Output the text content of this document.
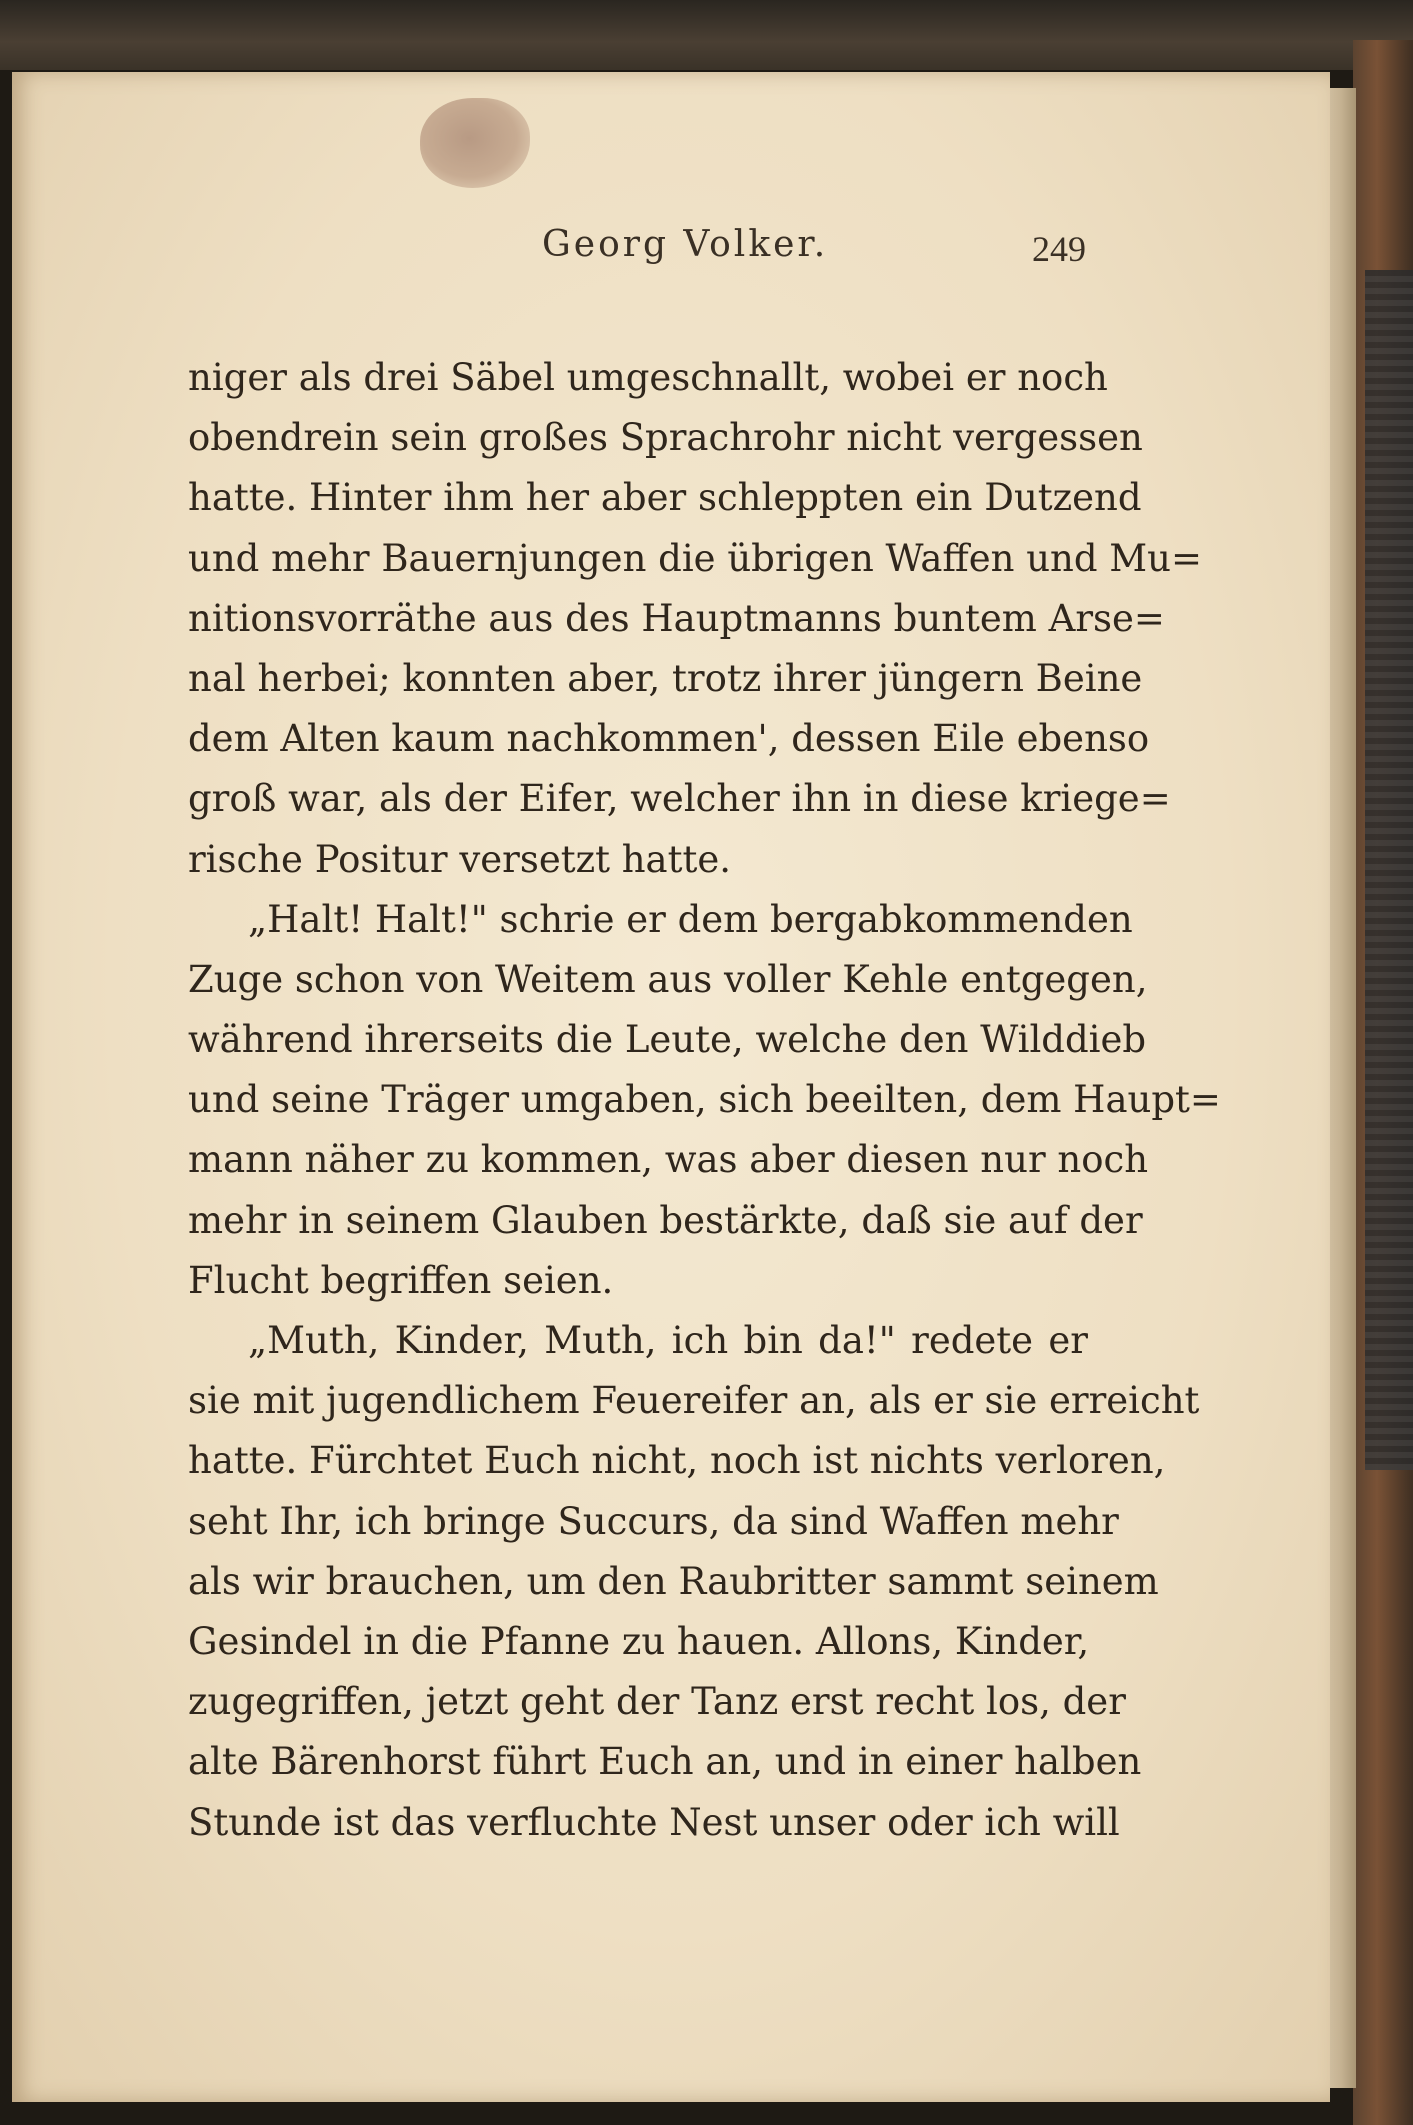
Georg Volker.	249
niger als drei Säbel umgeschnallt, wobei er noch
obendrein sein großes Sprachrohr nicht vergessen
hatte. Hinter ihm her aber schleppten ein Dutzend
und mehr Bauernjungen die übrigen Waffen und Mu=
nitionsvorräthe aus des Hauptmanns buntem Arse=
nal herbei; konnten aber, trotz ihrer jüngern Beine
dem Alten kaum nachkommen', dessen Eile ebenso
groß war, als der Eifer, welcher ihn in diese kriege=
rische Positur versetzt hatte.
„Halt! Halt!" schrie er dem bergabkommenden
Zuge schon von Weitem aus voller Kehle entgegen,
während ihrerseits die Leute, welche den Wilddieb
und seine Träger umgaben, sich beeilten, dem Haupt=
mann näher zu kommen, was aber diesen nur noch
mehr in seinem Glauben bestärkte, daß sie auf der
Flucht begriffen seien.
„Muth, Kinder, Muth, ich bin da!" redete er
sie mit jugendlichem Feuereifer an, als er sie erreicht
hatte. Fürchtet Euch nicht, noch ist nichts verloren,
seht Ihr, ich bringe Succurs, da sind Waffen mehr
als wir brauchen, um den Raubritter sammt seinem
Gesindel in die Pfanne zu hauen. Allons, Kinder,
zugegriffen, jetzt geht der Tanz erst recht los, der
alte Bärenhorst führt Euch an, und in einer halben
Stunde ist das verfluchte Nest unser oder ich will
